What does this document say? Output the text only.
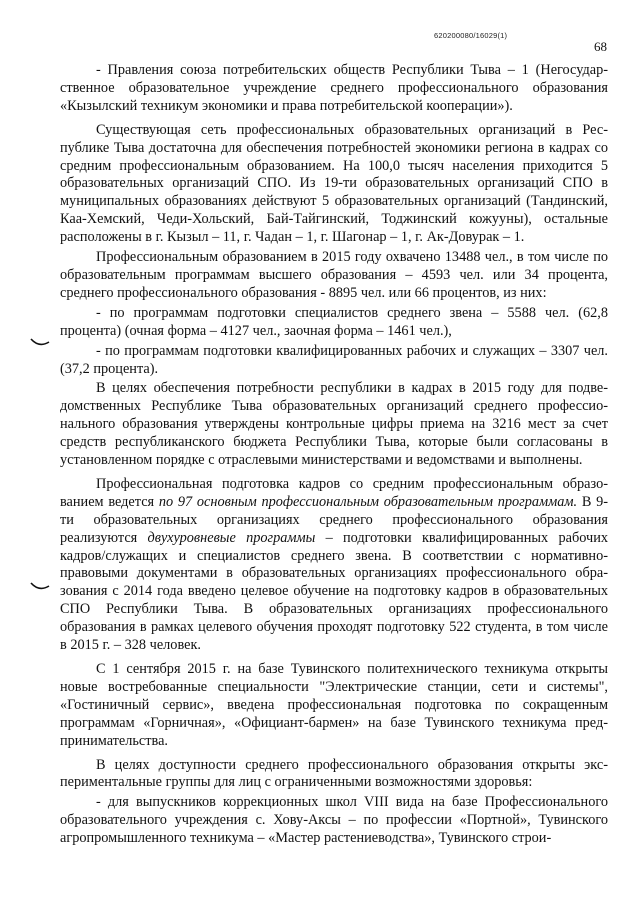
620200080/16029(1)
68

- Правления союза потребительских обществ Республики Тыва – 1 (Негосударственное образовательное учреждение среднего профессионального образования «Кызылский техникум экономики и права потребительской кооперации»).

Существующая сеть профессиональных образовательных организаций в Республике Тыва достаточна для обеспечения потребностей экономики региона в кадрах со средним профессиональным образованием. На 100,0 тысяч населения приходится 5 образовательных организаций СПО. Из 19-ти образовательных организаций СПО в муниципальных образованиях действуют 5 образовательных организаций (Тандинский, Каа-Хемский, Чеди-Хольский, Бай-Тайгинский, Тоджинский кожууны), остальные расположены в г. Кызыл – 11, г. Чадан – 1, г. Шагонар – 1, г. Ак-Довурак – 1.

Профессиональным образованием в 2015 году охвачено 13488 чел., в том числе по образовательным программам высшего образования – 4593 чел. или 34 процента, среднего профессионального образования - 8895 чел. или 66 процентов, из них:

- по программам подготовки специалистов среднего звена – 5588 чел. (62,8 процента) (очная форма – 4127 чел., заочная форма – 1461 чел.),

- по программам подготовки квалифицированных рабочих и служащих – 3307 чел. (37,2 процента).

В целях обеспечения потребности республики в кадрах в 2015 году для подведомственных Республике Тыва образовательных организаций среднего профессионального образования утверждены контрольные цифры приема на 3216 мест за счет средств республиканского бюджета Республики Тыва, которые были согласованы в установленном порядке с отраслевыми министерствами и ведомствами и выполнены.

Профессиональная подготовка кадров со средним профессиональным образованием ведется по 97 основным профессиональным образовательным программам. В 9-ти образовательных организациях среднего профессионального образования реализуются двухуровневые программы – подготовки квалифицированных рабочих кадров/служащих и специалистов среднего звена. В соответствии с нормативно-правовыми документами в образовательных организациях профессионального образования с 2014 года введено целевое обучение на подготовку кадров в образовательных СПО Республики Тыва. В образовательных организациях профессионального образования в рамках целевого обучения проходят подготовку 522 студента, в том числе в 2015 г. – 328 человек.

С 1 сентября 2015 г. на базе Тувинского политехнического техникума открыты новые востребованные специальности "Электрические станции, сети и системы", «Гостиничный сервис», введена профессиональная подготовка по сокращенным программам «Горничная», «Официант-бармен» на базе Тувинского техникума предпринимательства.

В целях доступности среднего профессионального образования открыты экспериментальные группы для лиц с ограниченными возможностями здоровья:

- для выпускников коррекционных школ VIII вида на базе Профессионального образовательного учреждения с. Хову-Аксы – по профессии «Портной», Тувинского агропромышленного техникума – «Мастер растениеводства», Тувинского строи-
